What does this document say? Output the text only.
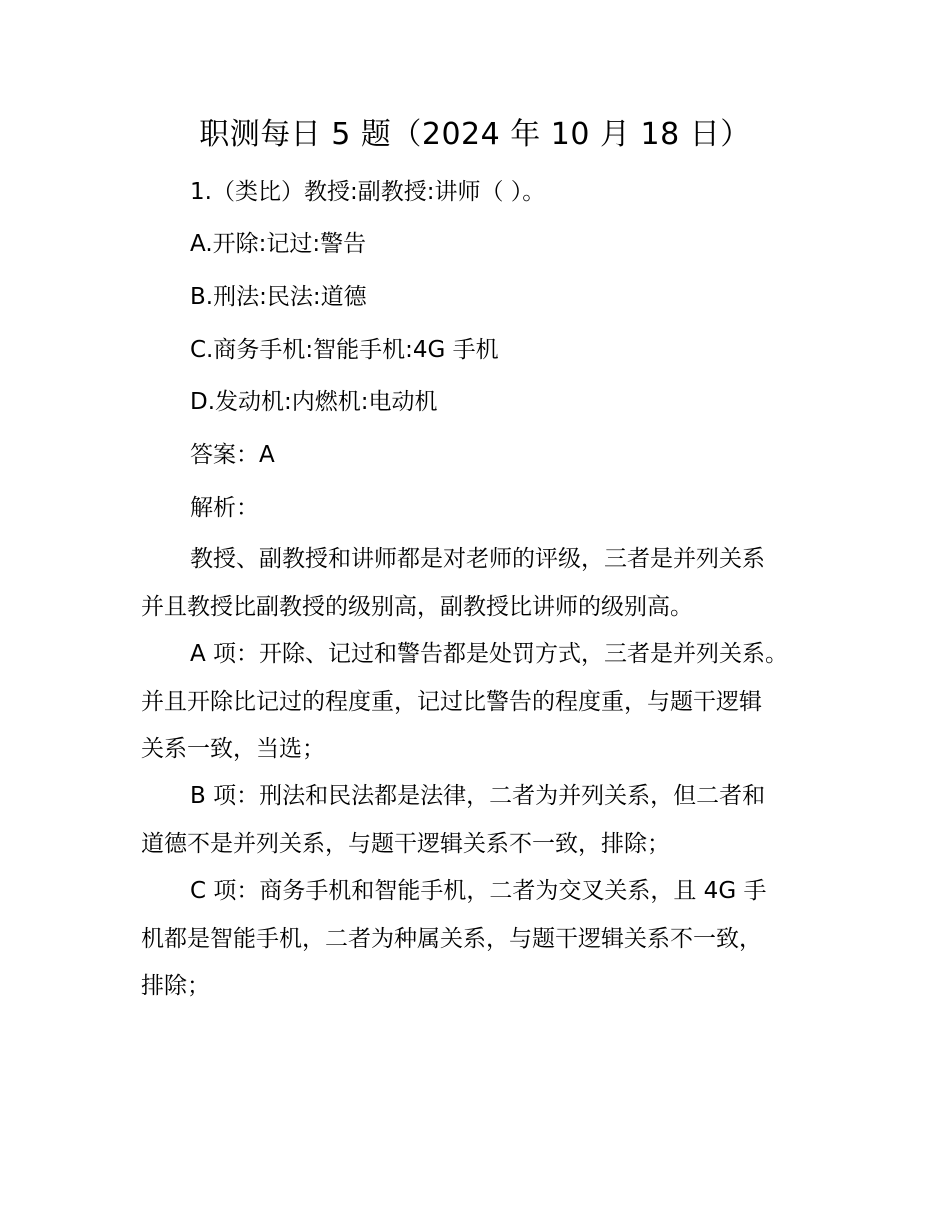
职测每日 5 题（2024 年 10 月 18 日）

1.（类比）教授:副教授:讲师（ ）。

A.开除:记过:警告

B.刑法:民法:道德

C.商务手机:智能手机:4G 手机

D.发动机:内燃机:电动机

答案：A

解析：

教授、副教授和讲师都是对老师的评级，三者是并列关系
并且教授比副教授的级别高，副教授比讲师的级别高。
A 项：开除、记过和警告都是处罚方式，三者是并列关系。
并且开除比记过的程度重，记过比警告的程度重，与题干逻辑
关系一致，当选；
B 项：刑法和民法都是法律，二者为并列关系，但二者和
道德不是并列关系，与题干逻辑关系不一致，排除；
C 项：商务手机和智能手机，二者为交叉关系，且 4G 手
机都是智能手机，二者为种属关系，与题干逻辑关系不一致，
排除；
